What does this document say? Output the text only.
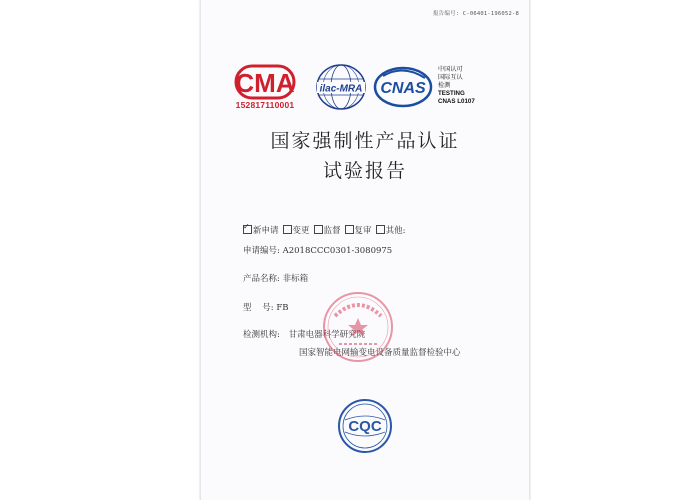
报告编号: C-06401-196052-8
CMA
152817110001
ilac-MRA CNAS
中国认可
国际互认
检测
TESTING
CNAS L0107
国家强制性产品认证
试验报告
✓新申请 变更 监督 复审 其他:
申请编号: A2018CCC0301-3080975
产品名称: 非标箱
型    号: FB
检测机构: 甘肃电器科学研究院
国家智能电网输变电设备质量监督检验中心
CQC
